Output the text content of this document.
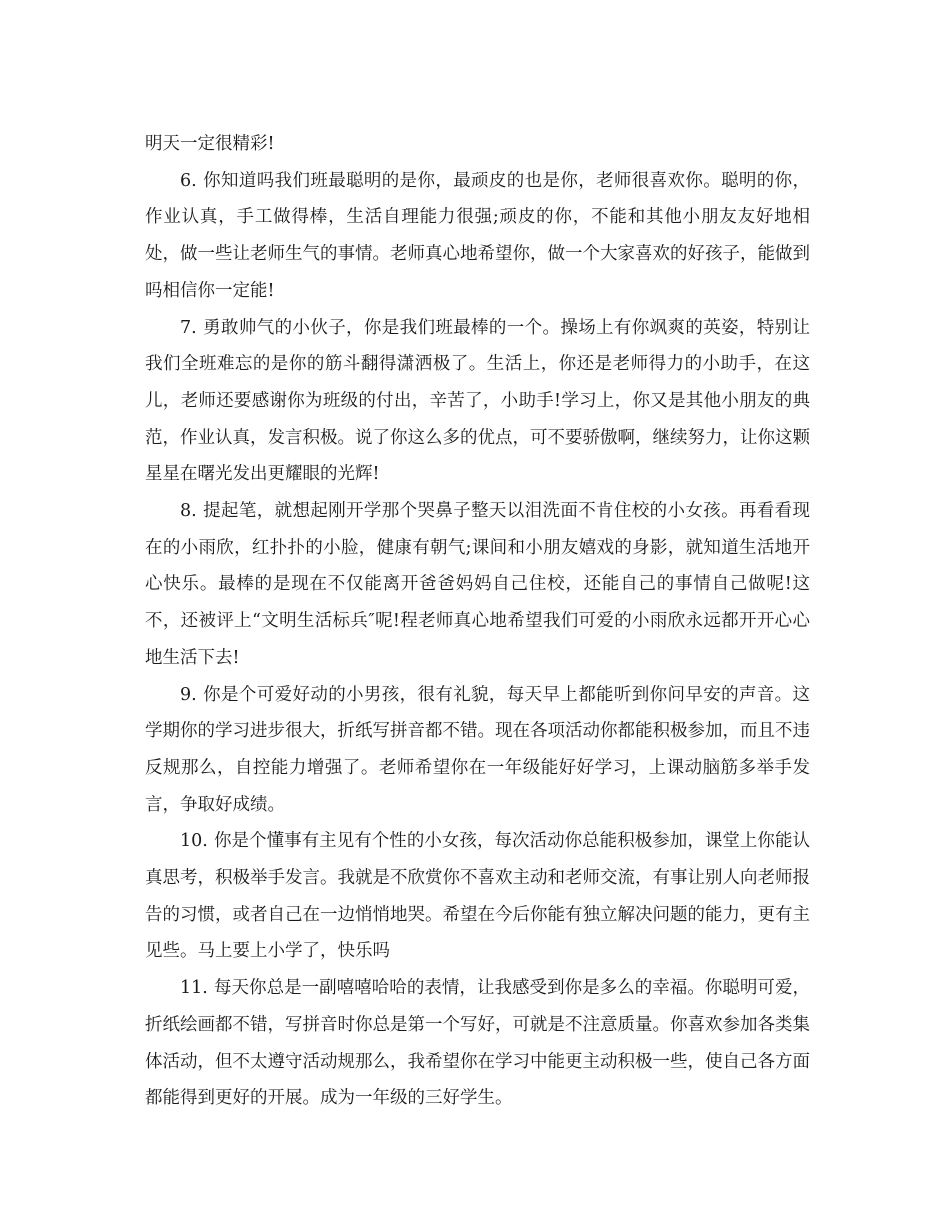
明天一定很精彩!

6. 你知道吗我们班最聪明的是你，最顽皮的也是你，老师很喜欢你。聪明的你，作业认真，手工做得棒，生活自理能力很强;顽皮的你，不能和其他小朋友友好地相处，做一些让老师生气的事情。老师真心地希望你，做一个大家喜欢的好孩子，能做到吗相信你一定能!

7. 勇敢帅气的小伙子，你是我们班最棒的一个。操场上有你飒爽的英姿，特别让我们全班难忘的是你的筋斗翻得潇洒极了。生活上，你还是老师得力的小助手，在这儿，老师还要感谢你为班级的付出，辛苦了，小助手!学习上，你又是其他小朋友的典范，作业认真，发言积极。说了你这么多的优点，可不要骄傲啊，继续努力，让你这颗星星在曙光发出更耀眼的光辉!

8. 提起笔，就想起刚开学那个哭鼻子整天以泪洗面不肯住校的小女孩。再看看现在的小雨欣，红扑扑的小脸，健康有朝气;课间和小朋友嬉戏的身影，就知道生活地开心快乐。最棒的是现在不仅能离开爸爸妈妈自己住校，还能自己的事情自己做呢!这不，还被评上“文明生活标兵″呢!程老师真心地希望我们可爱的小雨欣永远都开开心心地生活下去!

9. 你是个可爱好动的小男孩，很有礼貌，每天早上都能听到你问早安的声音。这学期你的学习进步很大，折纸写拼音都不错。现在各项活动你都能积极参加，而且不违反规那么，自控能力增强了。老师希望你在一年级能好好学习，上课动脑筋多举手发言，争取好成绩。

10. 你是个懂事有主见有个性的小女孩，每次活动你总能积极参加，课堂上你能认真思考，积极举手发言。我就是不欣赏你不喜欢主动和老师交流，有事让别人向老师报告的习惯，或者自己在一边悄悄地哭。希望在今后你能有独立解决问题的能力，更有主见些。马上要上小学了，快乐吗

11. 每天你总是一副嘻嘻哈哈的表情，让我感受到你是多么的幸福。你聪明可爱，折纸绘画都不错，写拼音时你总是第一个写好，可就是不注意质量。你喜欢参加各类集体活动，但不太遵守活动规那么，我希望你在学习中能更主动积极一些，使自己各方面都能得到更好的开展。成为一年级的三好学生。
